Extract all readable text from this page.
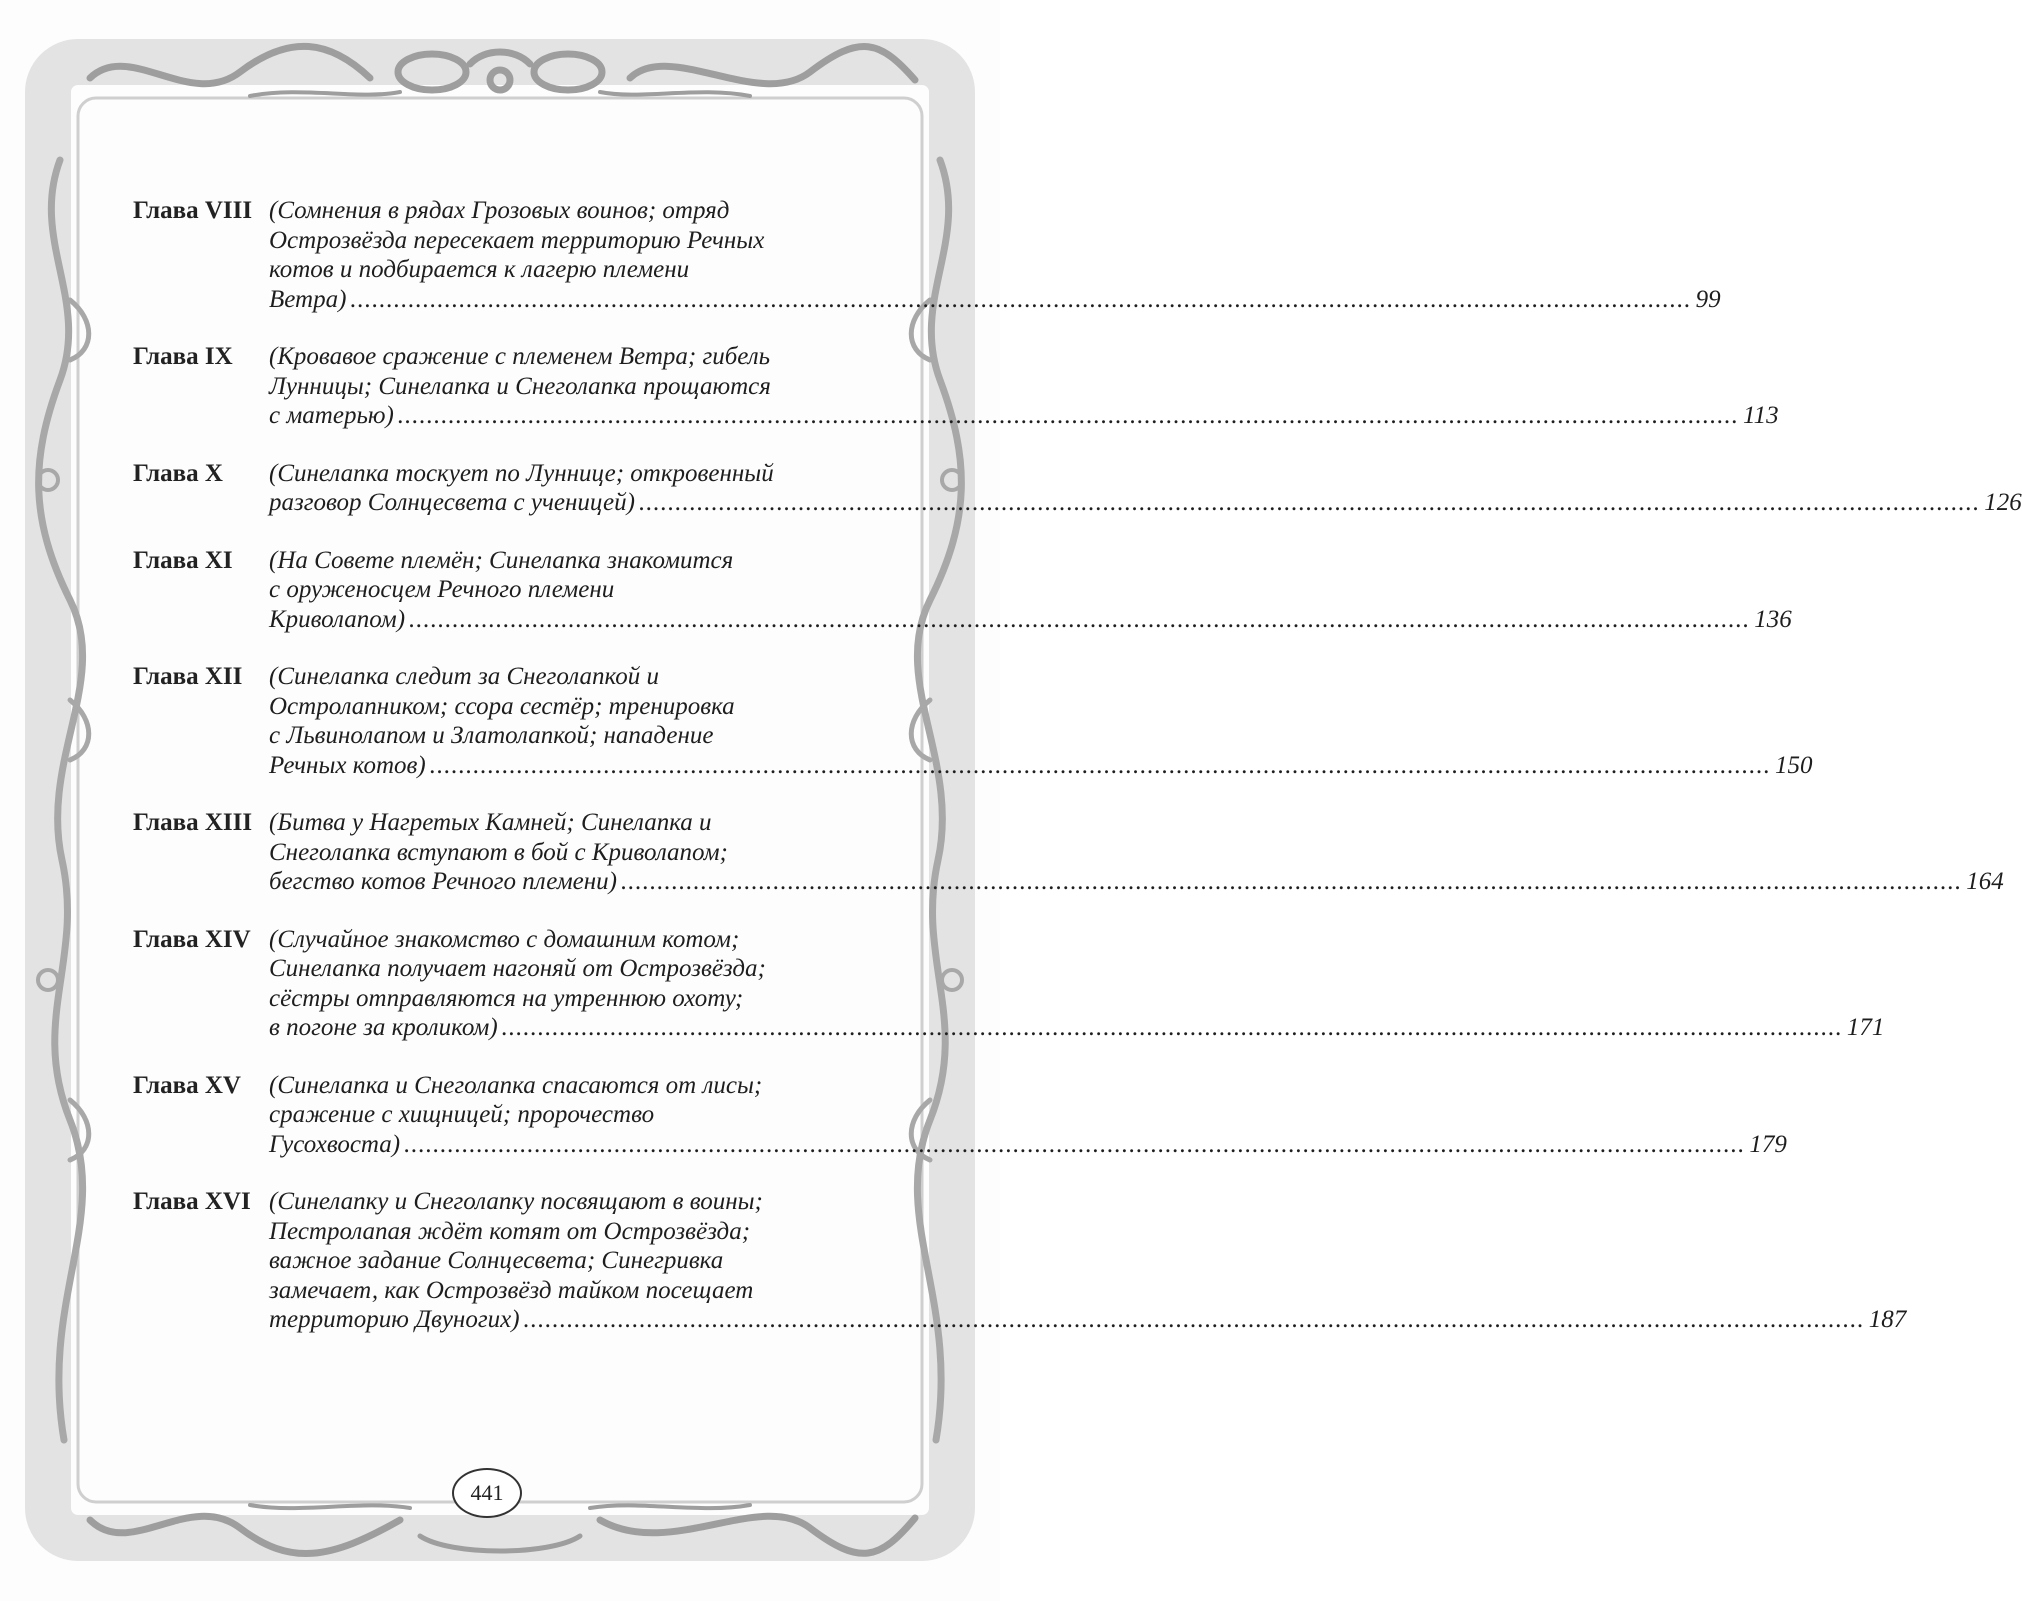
Глава VIII (Сомнения в рядах Грозовых воинов; отряд
Острозвёзда пересекает территорию Речных
котов и подбирается к лагерю племени
Ветра) .....	99
Глава IX	(Кровавое сражение с племенем Ветра; гибель
Лунницы; Синелапка и Снеголапка прощаются
с матерью) .....	113
Глава X	(Синелапка тоскует по Луннице; откровенный
разговор Солнцесвета с ученицей) .....	126
Глава XI	(На Совете племён; Синелапка знакомится
с оруженосцем Речного племени
Криволапом) .....	136
Глава XII	(Синелапка следит за Снеголапкой и
Остролапником; ссора сестёр; тренировка
с Львинолапом и Златолапкой; нападение
Речных котов) .....	150
Глава XIII (Битва у Нагретых Камней; Синелапка и
Снеголапка вступают в бой с Криволапом;
бегство котов Речного племени) .....	164
Глава XIV (Случайное знакомство с домашним котом;
Синелапка получает нагоняй от Острозвёзда;
сёстры отправляются на утреннюю охоту;
в погоне за кроликом) .....	171
Глава XV	(Синелапка и Снеголапка спасаются от лисы;
сражение с хищницей; пророчество
Гусохвоста) .....	179
Глава XVI (Синелапку и Снеголапку посвящают в воины;
Пестролапая ждёт котят от Острозвёзда;
важное задание Солнцесвета; Синегривка
замечает, как Острозвёзд тайком посещает
территорию Двуногих) .....	187
441
